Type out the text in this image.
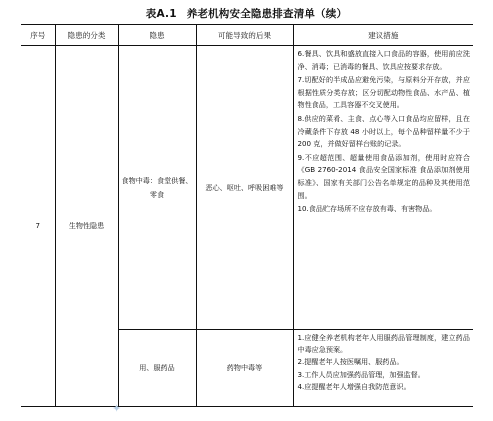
表A.1 养老机构安全隐患排查清单（续）
序号	隐患的分类	隐患	可能导致的后果	建议措施
7	生物性隐患	食物中毒：食堂供餐、零食	恶心、呕吐、呼吸困难等	6.餐具、饮具和盛放直接入口食品的容器，使用前应洗净、消毒；已消毒的餐具、饮具应按要求存放。

7.切配好的半成品应避免污染，与原料分开存放，并应根据性质分类存放；区分切配动物性食品、水产品、植物性食品，工具容器不交叉使用。

8.供应的菜肴、主食、点心等入口食品均应留样，且在冷藏条件下存放 48 小时以上，每个品种留样量不少于 200 克，并做好留样台账的记录。

9.不应超范围、超量使用食品添加剂，使用时应符合《GB 2760-2014 食品安全国家标准 食品添加剂使用标准》、国家有关部门公告名单规定的品种及其使用范围。

10.食品贮存场所不应存放有毒、有害物品。

		用、服药品	药物中毒等	1.应健全养老机构老年人用服药品管理制度，建立药品中毒应急预案。

2.提醒老年人按医嘱用、服药品。

3.工作人员应加强药品管理，加强监督。

4.应提醒老年人增强自我防范意识。

✦
